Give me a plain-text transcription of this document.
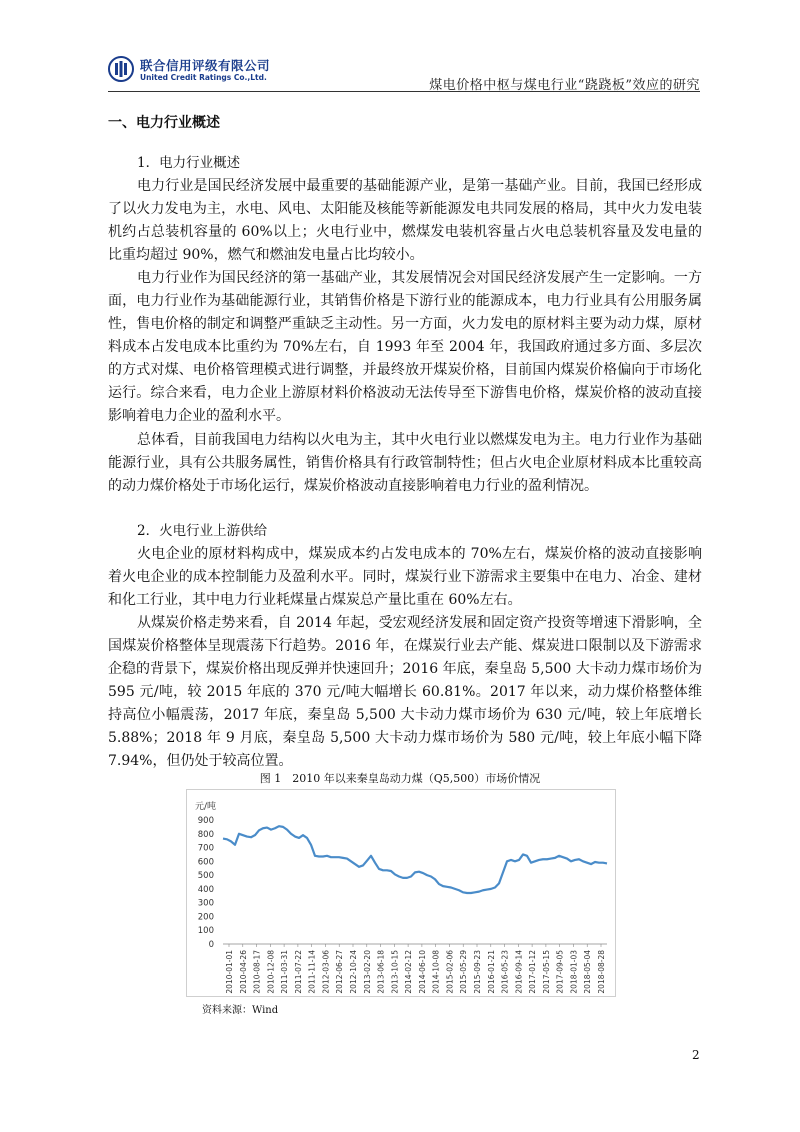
联合信用评级有限公司
United Credit Ratings Co.,Ltd.
煤电价格中枢与煤电行业“跷跷板”效应的研究
一、电力行业概述
1．电力行业概述
电力行业是国民经济发展中最重要的基础能源产业，是第一基础产业。目前，我国已经形成了以火力发电为主，水电、风电、太阳能及核能等新能源发电共同发展的格局，其中火力发电装机约占总装机容量的 60%以上；火电行业中，燃煤发电装机容量占火电总装机容量及发电量的比重均超过 90%，燃气和燃油发电量占比均较小。
电力行业作为国民经济的第一基础产业，其发展情况会对国民经济发展产生一定影响。一方面，电力行业作为基础能源行业，其销售价格是下游行业的能源成本，电力行业具有公用服务属性，售电价格的制定和调整严重缺乏主动性。另一方面，火力发电的原材料主要为动力煤，原材料成本占发电成本比重约为 70%左右，自 1993 年至 2004 年，我国政府通过多方面、多层次的方式对煤、电价格管理模式进行调整，并最终放开煤炭价格，目前国内煤炭价格偏向于市场化运行。综合来看，电力企业上游原材料价格波动无法传导至下游售电价格，煤炭价格的波动直接影响着电力企业的盈利水平。
总体看，目前我国电力结构以火电为主，其中火电行业以燃煤发电为主。电力行业作为基础能源行业，具有公共服务属性，销售价格具有行政管制特性；但占火电企业原材料成本比重较高的动力煤价格处于市场化运行，煤炭价格波动直接影响着电力行业的盈利情况。
2．火电行业上游供给
火电企业的原材料构成中，煤炭成本约占发电成本的 70%左右，煤炭价格的波动直接影响着火电企业的成本控制能力及盈利水平。同时，煤炭行业下游需求主要集中在电力、冶金、建材和化工行业，其中电力行业耗煤量占煤炭总产量比重在 60%左右。
从煤炭价格走势来看，自 2014 年起，受宏观经济发展和固定资产投资等增速下滑影响，全国煤炭价格整体呈现震荡下行趋势。2016 年，在煤炭行业去产能、煤炭进口限制以及下游需求企稳的背景下，煤炭价格出现反弹并快速回升；2016 年底，秦皇岛 5,500 大卡动力煤市场价为 595 元/吨，较 2015 年底的 370 元/吨大幅增长 60.81%。2017 年以来，动力煤价格整体维持高位小幅震荡，2017 年底，秦皇岛 5,500 大卡动力煤市场价为 630 元/吨，较上年底增长 5.88%；2018 年 9 月底，秦皇岛 5,500 大卡动力煤市场价为 580 元/吨，较上年底小幅下降 7.94%，但仍处于较高位置。
图 1　2010 年以来秦皇岛动力煤（Q5,500）市场价情况
元/吨
0
100
200
300
400
500
600
700
800
900
2010-01-01 2010-04-26 2010-08-17 2010-12-08 2011-03-31 2011-07-22 2011-11-14 2012-03-06 2012-06-27 2012-10-24 2013-02-20 2013-06-18 2013-10-15 2014-02-12 2014-06-10 2014-10-08 2015-02-06 2015-05-29 2015-09-23 2016-01-21 2016-05-23 2016-09-14 2017-01-12 2017-05-15 2017-09-05 2018-01-03 2018-05-04 2018-08-28
资料来源：Wind
2
